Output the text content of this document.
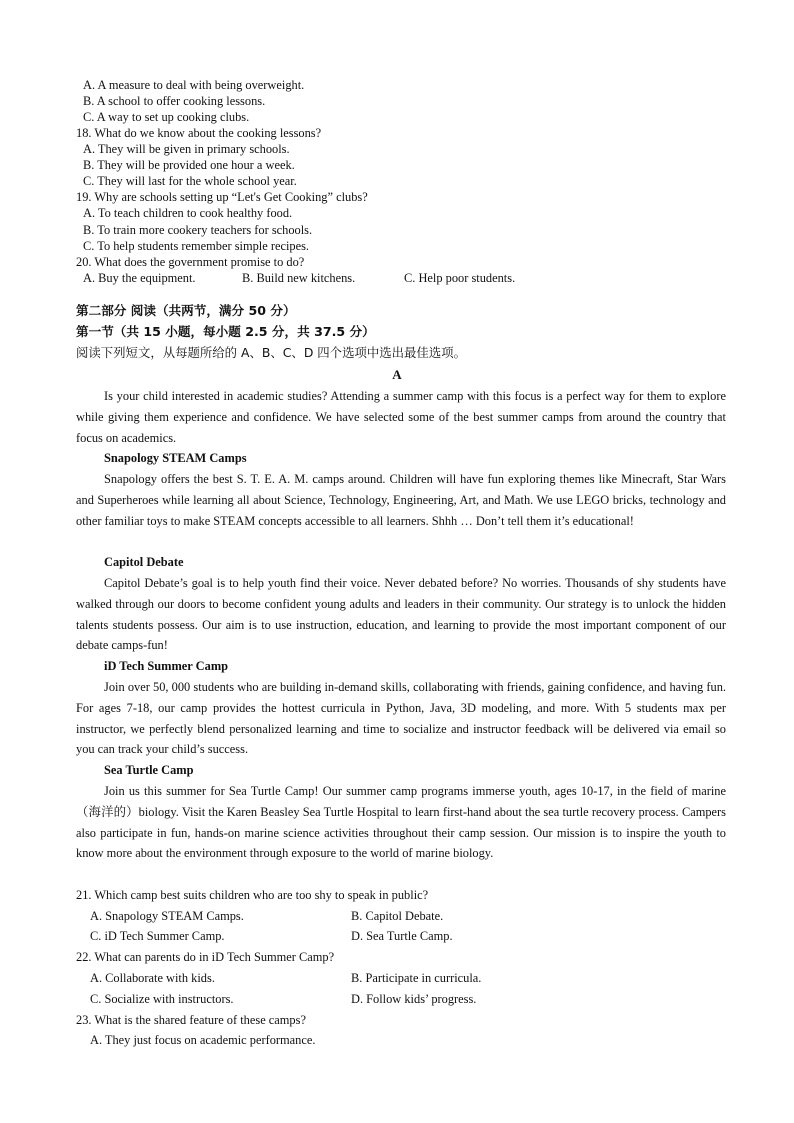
A. A measure to deal with being overweight.
B. A school to offer cooking lessons.
C. A way to set up cooking clubs.
18. What do we know about the cooking lessons?
A. They will be given in primary schools.
B. They will be provided one hour a week.
C. They will last for the whole school year.
19. Why are schools setting up “Let's Get Cooking” clubs?
A. To teach children to cook healthy food.
B. To train more cookery teachers for schools.
C. To help students remember simple recipes.
20. What does the government promise to do?
A. Buy the equipment.	B. Build new kitchens.	C. Help poor students.
第二部分 阅读（共两节，满分 50 分）
第一节（共 15 小题，每小题 2.5 分，共 37.5 分）
阅读下列短文，从每题所给的 A、B、C、D 四个选项中选出最佳选项。
A

Is your child interested in academic studies? Attending a summer camp with this focus is a perfect way for them to explore while giving them experience and confidence. We have selected some of the best summer camps from around the country that focus on academics.

Snapology STEAM Camps

Snapology offers the best S. T. E. A. M. camps around. Children will have fun exploring themes like Minecraft, Star Wars and Superheroes while learning all about Science, Technology, Engineering, Art, and Math. We use LEGO bricks, technology and other familiar toys to make STEAM concepts accessible to all learners. Shhh … Don’t tell them it’s educational!

Capitol Debate

Capitol Debate’s goal is to help youth find their voice. Never debated before? No worries. Thousands of shy students have walked through our doors to become confident young adults and leaders in their community. Our strategy is to unlock the hidden talents students possess. Our aim is to use instruction, education, and learning to provide the most important component of our debate camps-fun!

iD Tech Summer Camp

Join over 50, 000 students who are building in-demand skills, collaborating with friends, gaining confidence, and having fun. For ages 7-18, our camp provides the hottest curricula in Python, Java, 3D modeling, and more. With 5 students max per instructor, we perfectly blend personalized learning and time to socialize and instructor feedback will be delivered via email so you can track your child’s success.

Sea Turtle Camp

Join us this summer for Sea Turtle Camp! Our summer camp programs immerse youth, ages 10-17, in the field of marine（海洋的）biology. Visit the Karen Beasley Sea Turtle Hospital to learn first-hand about the sea turtle recovery process. Campers also participate in fun, hands-on marine science activities throughout their camp session. Our mission is to inspire the youth to know more about the environment through exposure to the world of marine biology.

21. Which camp best suits children who are too shy to speak in public?
A. Snapology STEAM Camps.	B. Capitol Debate.
C. iD Tech Summer Camp.	D. Sea Turtle Camp.
22. What can parents do in iD Tech Summer Camp?
A. Collaborate with kids.	B. Participate in curricula.
C. Socialize with instructors.	D. Follow kids’ progress.
23. What is the shared feature of these camps?
A. They just focus on academic performance.
